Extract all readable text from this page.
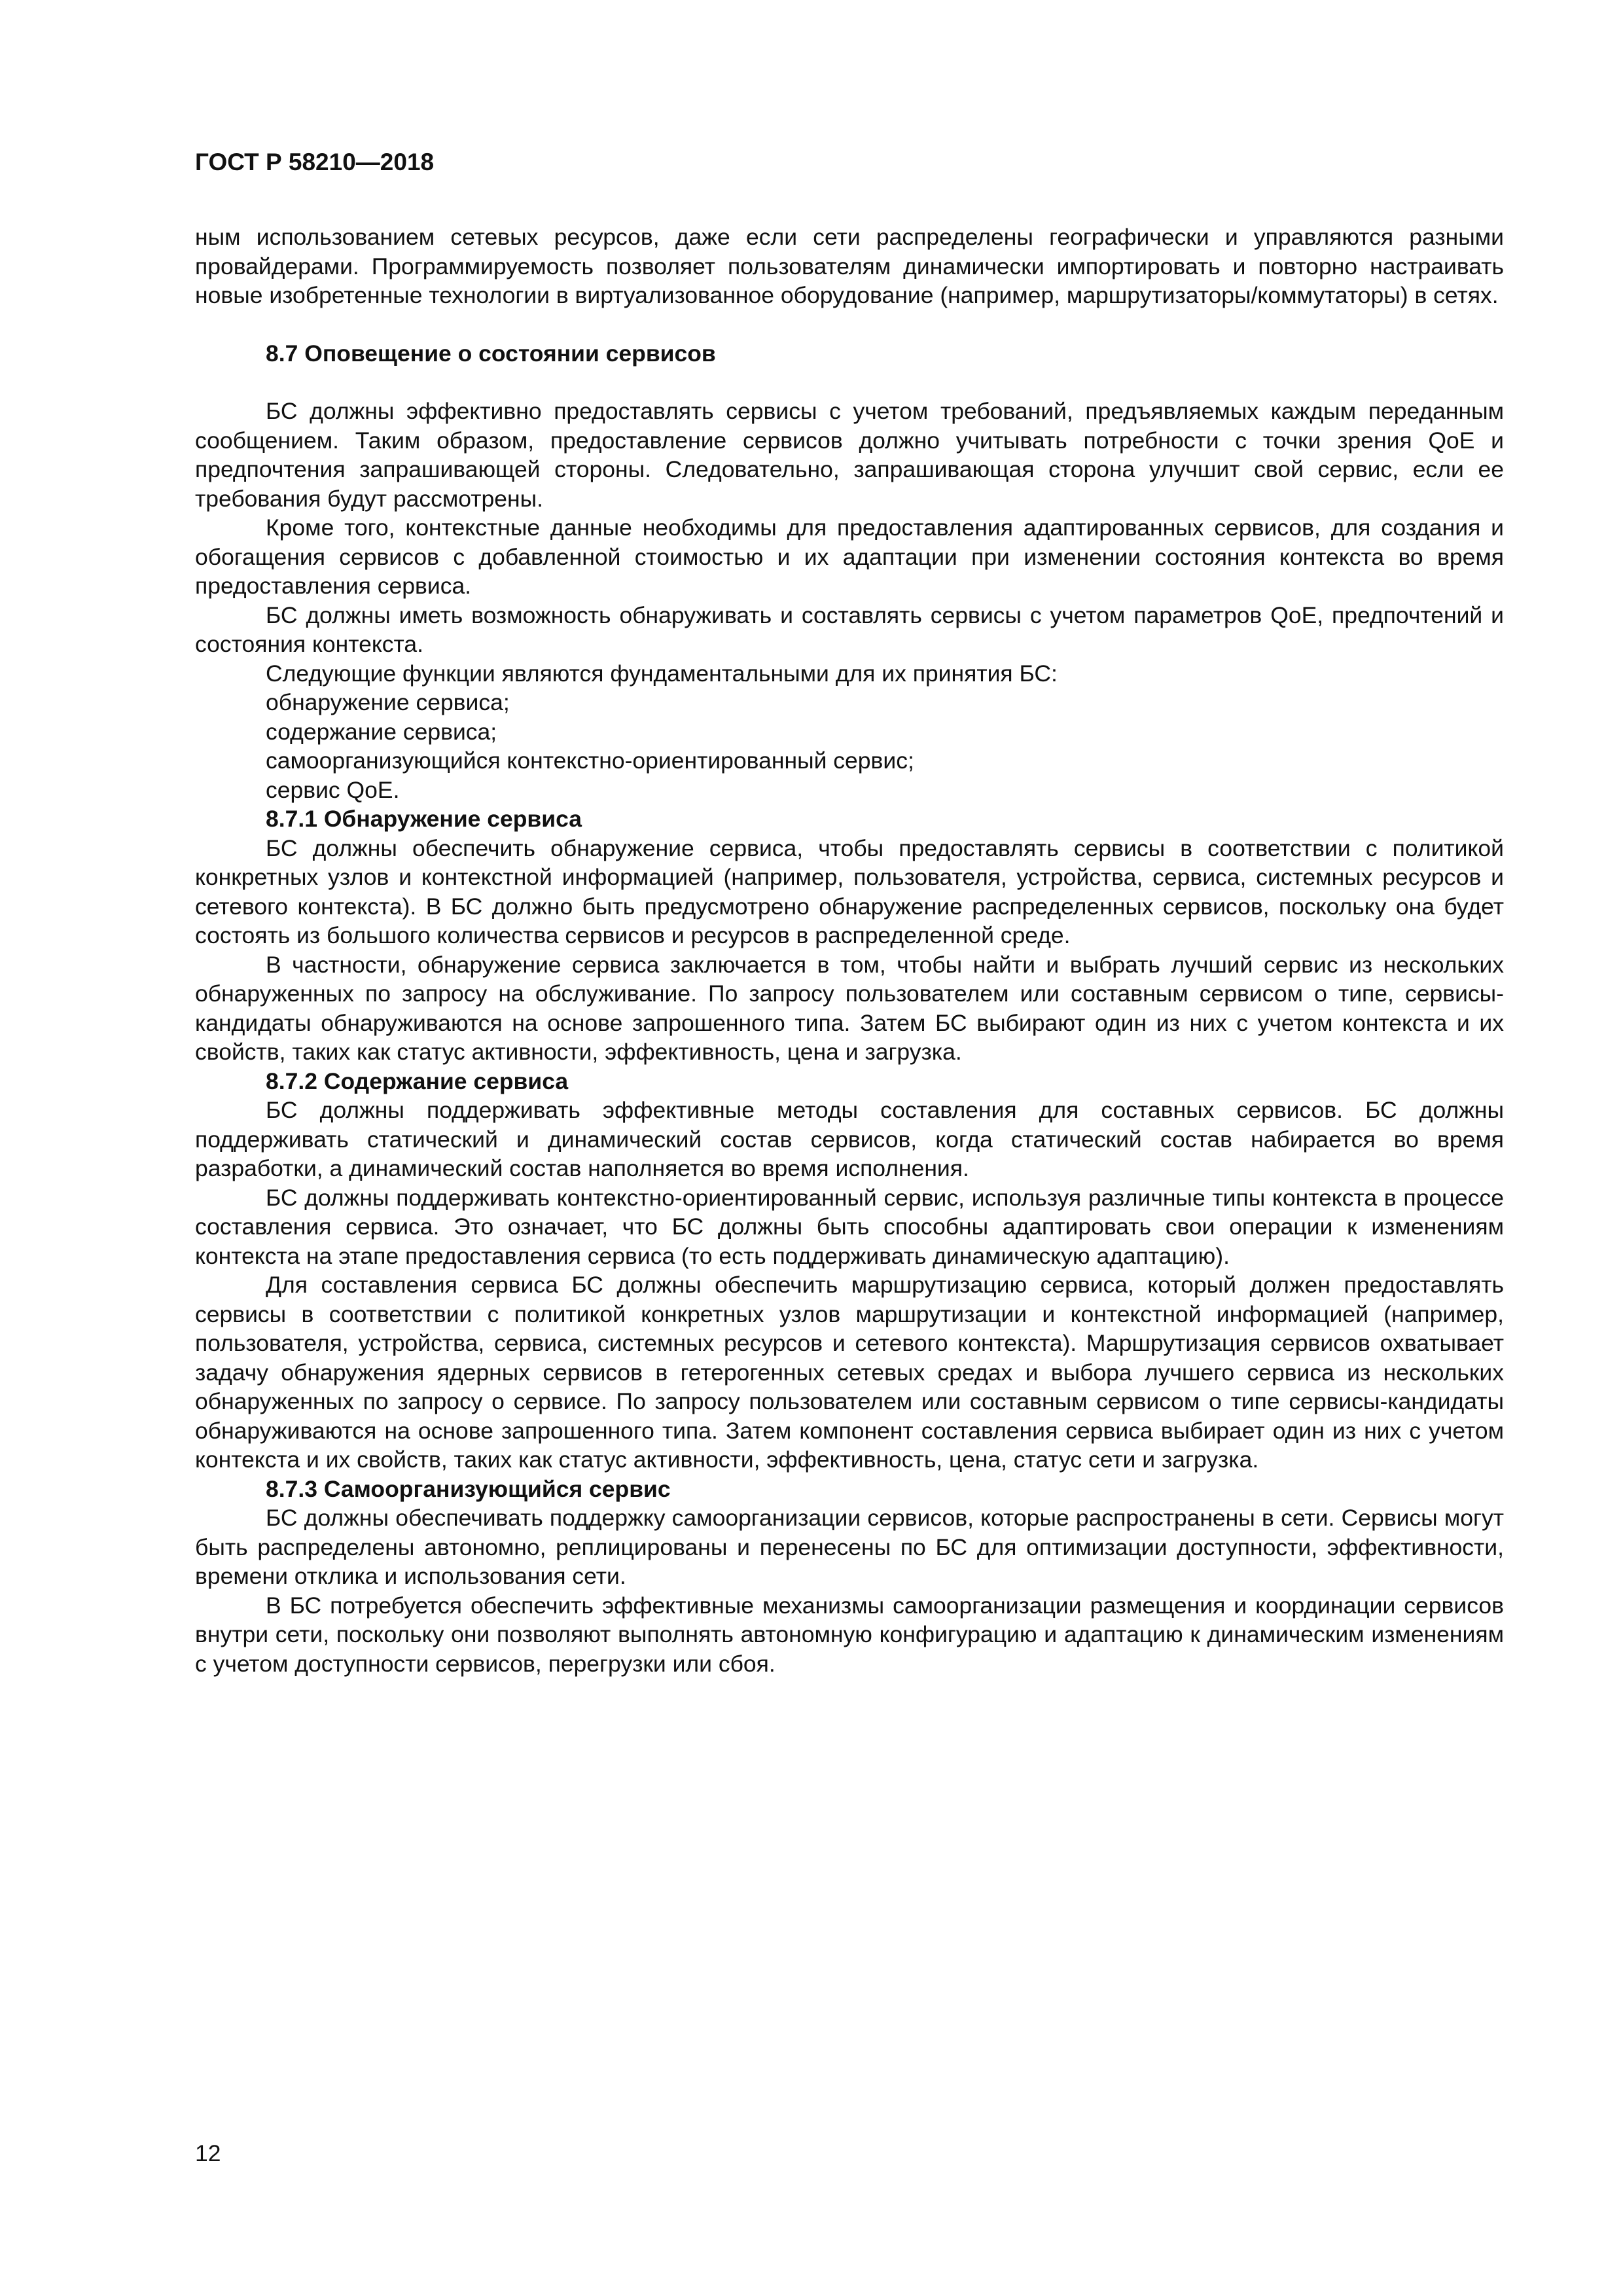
ГОСТ Р 58210—2018

ным использованием сетевых ресурсов, даже если сети распределены географически и управляются разными провайдерами. Программируемость позволяет пользователям динамически импортировать и повторно настраивать новые изобретенные технологии в виртуализованное оборудование (например, маршрутизаторы/коммутаторы) в сетях.

8.7 Оповещение о состоянии сервисов

БС должны эффективно предоставлять сервисы с учетом требований, предъявляемых каждым переданным сообщением. Таким образом, предоставление сервисов должно учитывать потребности с точки зрения QoE и предпочтения запрашивающей стороны. Следовательно, запрашивающая сторона улучшит свой сервис, если ее требования будут рассмотрены.

Кроме того, контекстные данные необходимы для предоставления адаптированных сервисов, для создания и обогащения сервисов с добавленной стоимостью и их адаптации при изменении состояния контекста во время предоставления сервиса.

БС должны иметь возможность обнаруживать и составлять сервисы с учетом параметров QoE, предпочтений и состояния контекста.

Следующие функции являются фундаментальными для их принятия БС:

обнаружение сервиса;

содержание сервиса;

самоорганизующийся контекстно-ориентированный сервис;

сервис QoE.

8.7.1 Обнаружение сервиса

БС должны обеспечить обнаружение сервиса, чтобы предоставлять сервисы в соответствии с политикой конкретных узлов и контекстной информацией (например, пользователя, устройства, сервиса, системных ресурсов и сетевого контекста). В БС должно быть предусмотрено обнаружение распределенных сервисов, поскольку она будет состоять из большого количества сервисов и ресурсов в распределенной среде.

В частности, обнаружение сервиса заключается в том, чтобы найти и выбрать лучший сервис из нескольких обнаруженных по запросу на обслуживание. По запросу пользователем или составным сервисом о типе, сервисы-кандидаты обнаруживаются на основе запрошенного типа. Затем БС выбирают один из них с учетом контекста и их свойств, таких как статус активности, эффективность, цена и загрузка.

8.7.2 Содержание сервиса

БС должны поддерживать эффективные методы составления для составных сервисов. БС должны поддерживать статический и динамический состав сервисов, когда статический состав набирается во время разработки, а динамический состав наполняется во время исполнения.

БС должны поддерживать контекстно-ориентированный сервис, используя различные типы контекста в процессе составления сервиса. Это означает, что БС должны быть способны адаптировать свои операции к изменениям контекста на этапе предоставления сервиса (то есть поддерживать динамическую адаптацию).

Для составления сервиса БС должны обеспечить маршрутизацию сервиса, который должен предоставлять сервисы в соответствии с политикой конкретных узлов маршрутизации и контекстной информацией (например, пользователя, устройства, сервиса, системных ресурсов и сетевого контекста). Маршрутизация сервисов охватывает задачу обнаружения ядерных сервисов в гетерогенных сетевых средах и выбора лучшего сервиса из нескольких обнаруженных по запросу о сервисе. По запросу пользователем или составным сервисом о типе сервисы-кандидаты обнаруживаются на основе запрошенного типа. Затем компонент составления сервиса выбирает один из них с учетом контекста и их свойств, таких как статус активности, эффективность, цена, статус сети и загрузка.

8.7.3 Самоорганизующийся сервис

БС должны обеспечивать поддержку самоорганизации сервисов, которые распространены в сети. Сервисы могут быть распределены автономно, реплицированы и перенесены по БС для оптимизации доступности, эффективности, времени отклика и использования сети.

В БС потребуется обеспечить эффективные механизмы самоорганизации размещения и координации сервисов внутри сети, поскольку они позволяют выполнять автономную конфигурацию и адаптацию к динамическим изменениям с учетом доступности сервисов, перегрузки или сбоя.

12
